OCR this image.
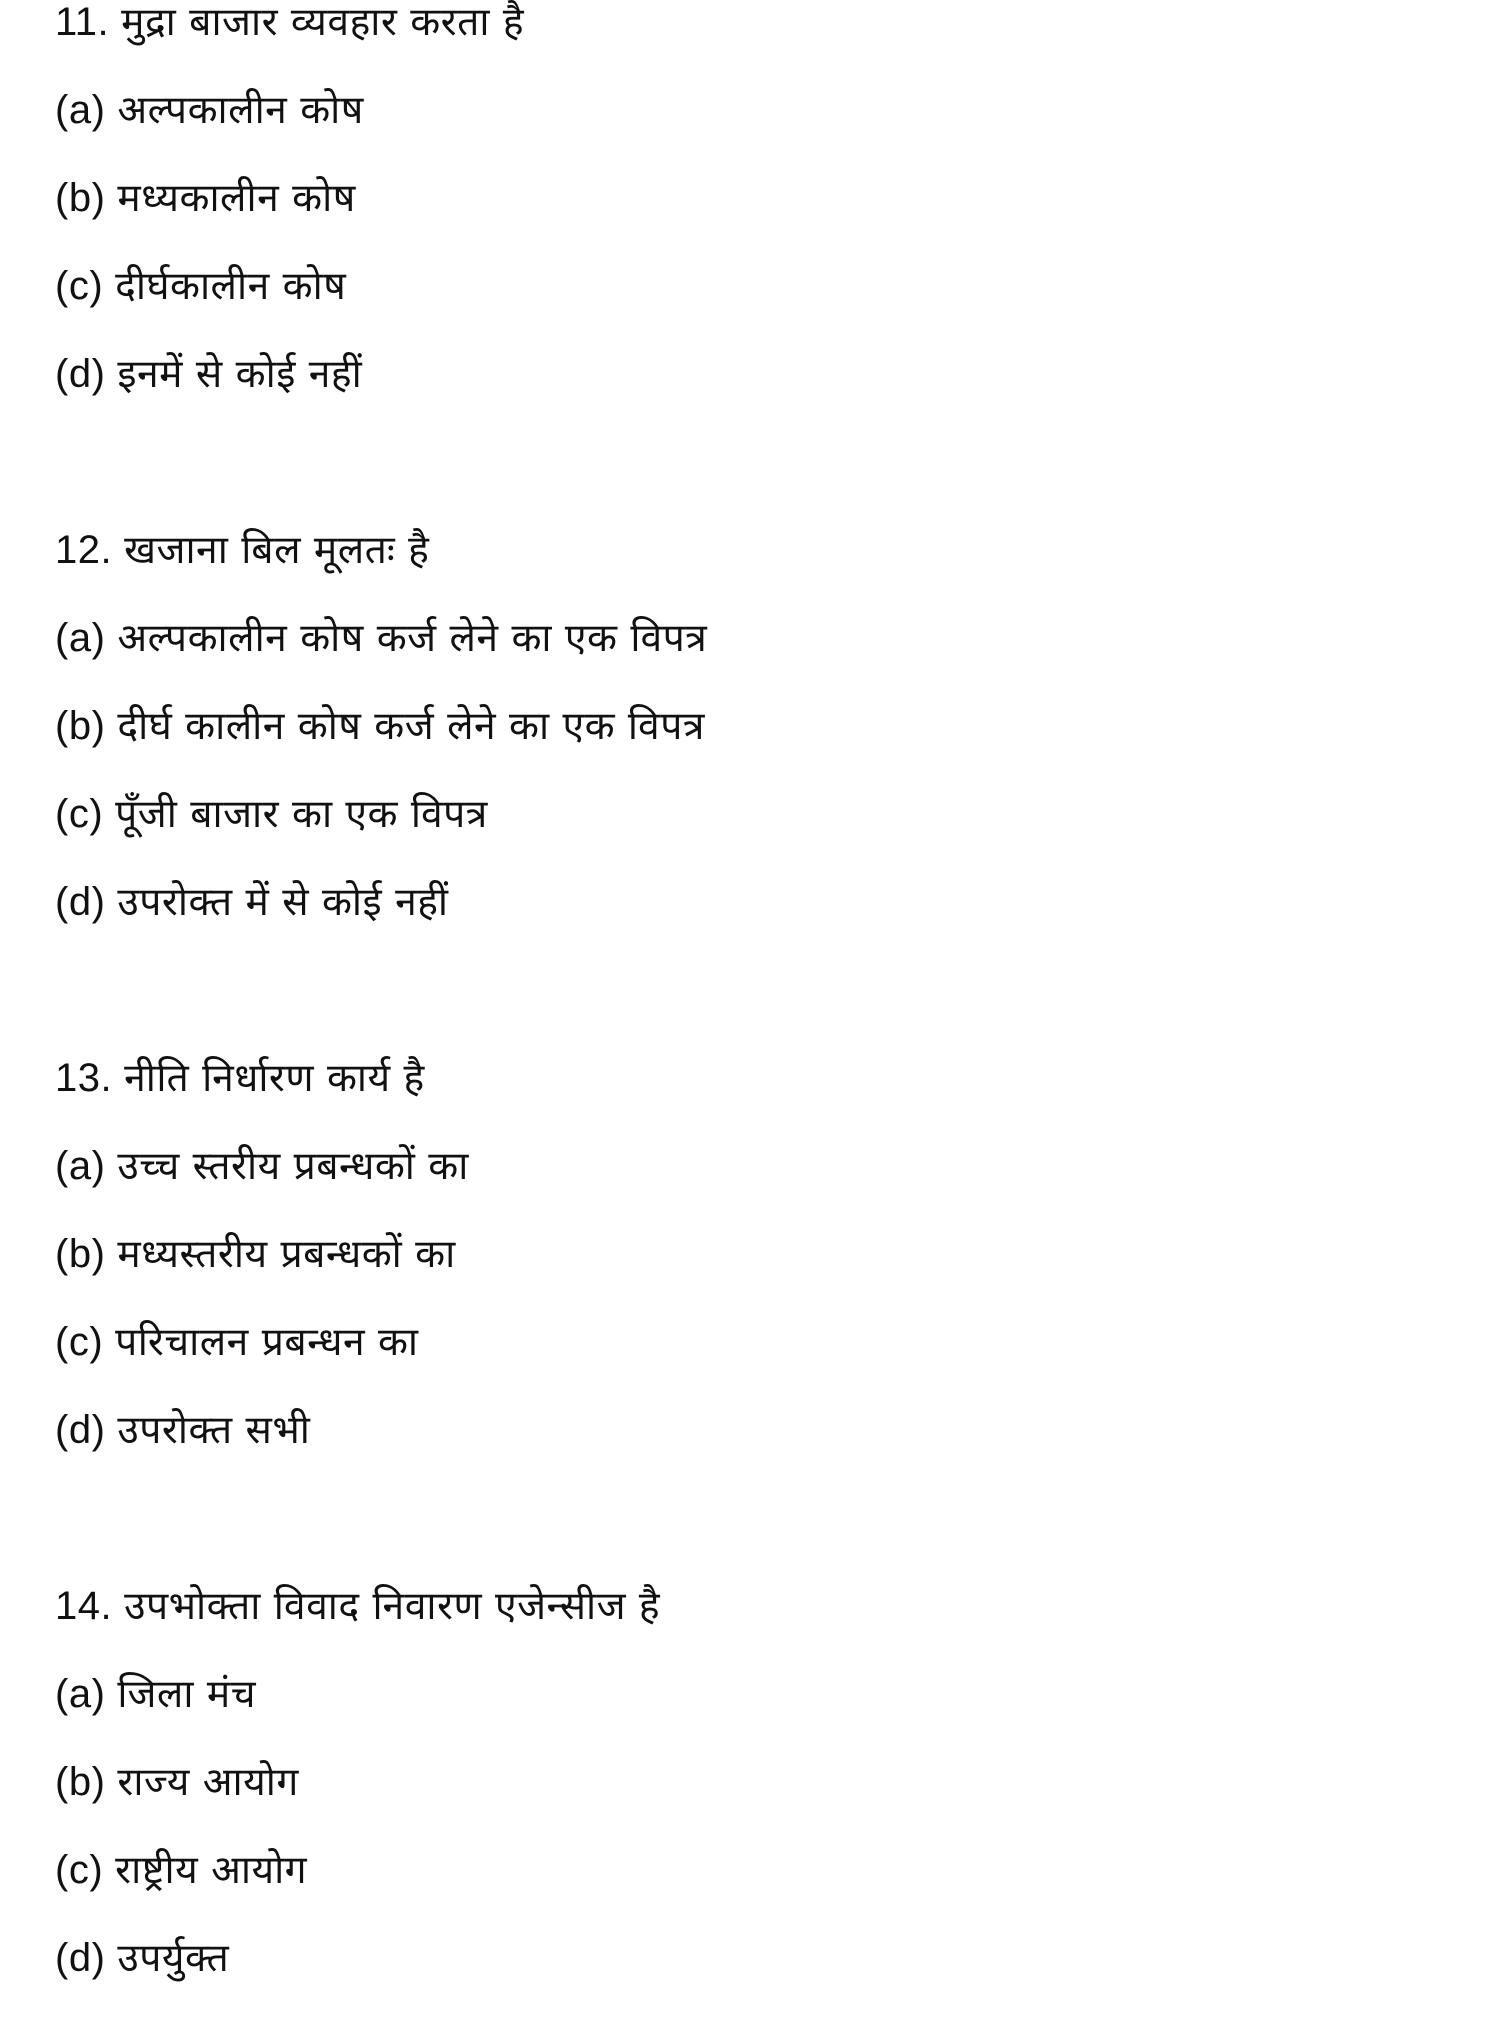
11. मुद्रा बाजार व्यवहार करता है
(a) अल्पकालीन कोष
(b) मध्यकालीन कोष
(c) दीर्घकालीन कोष
(d) इनमें से कोई नहीं
12. खजाना बिल मूलतः है
(a) अल्पकालीन कोष कर्ज लेने का एक विपत्र
(b) दीर्घ कालीन कोष कर्ज लेने का एक विपत्र
(c) पूँजी बाजार का एक विपत्र
(d) उपरोक्त में से कोई नहीं
13. नीति निर्धारण कार्य है
(a) उच्च स्तरीय प्रबन्धकों का
(b) मध्यस्तरीय प्रबन्धकों का
(c) परिचालन प्रबन्धन का
(d) उपरोक्त सभी
14. उपभोक्ता विवाद निवारण एजेन्सीज है
(a) जिला मंच
(b) राज्य आयोग
(c) राष्ट्रीय आयोग
(d) उपर्युक्त
